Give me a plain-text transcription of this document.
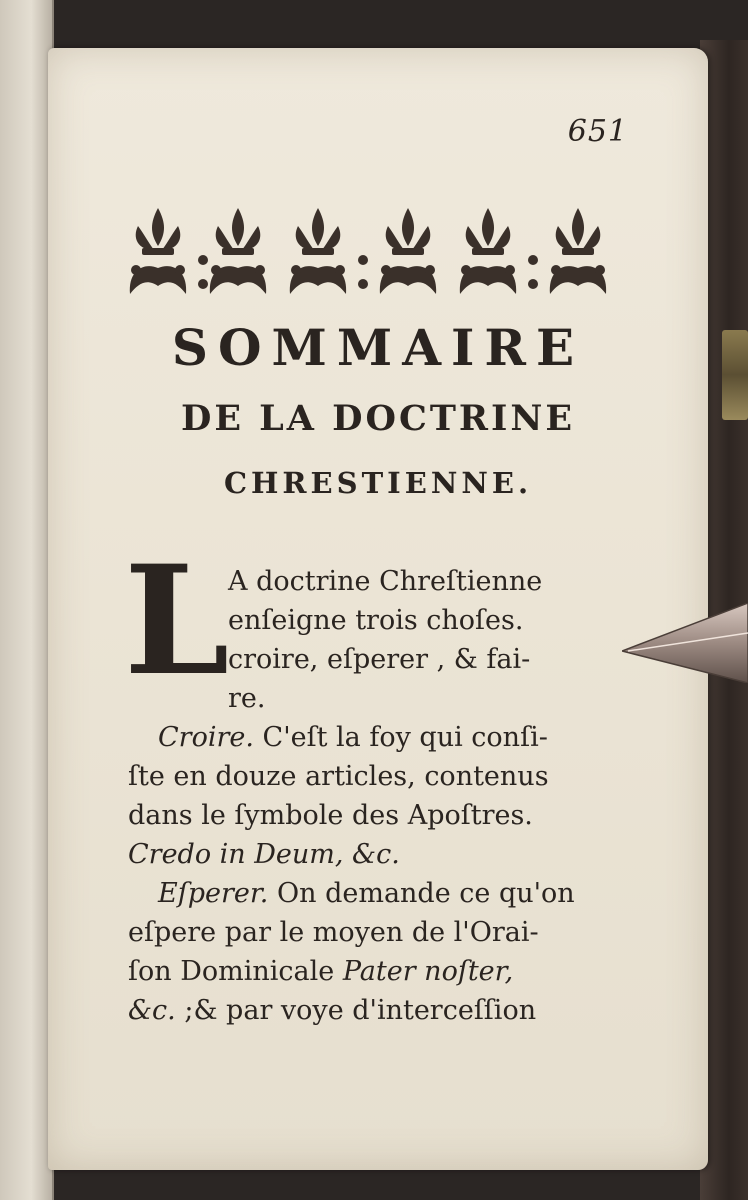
651
SOMMAIRE
DE LA DOCTRINE
CHRESTIENNE.
L
A doctrine Chreſtienne
enſeigne trois choſes.
croire, eſperer , & fai-
re.
Croire. C'eſt la foy qui conſi-
ſte en douze articles, contenus
dans le ſymbole des Apoſtres.
Credo in Deum, &c.
Eſperer. On demande ce qu'on
eſpere par le moyen de l'Orai-
ſon Dominicale Pater noſter,
&c. ;& par voye d'interceſſion
